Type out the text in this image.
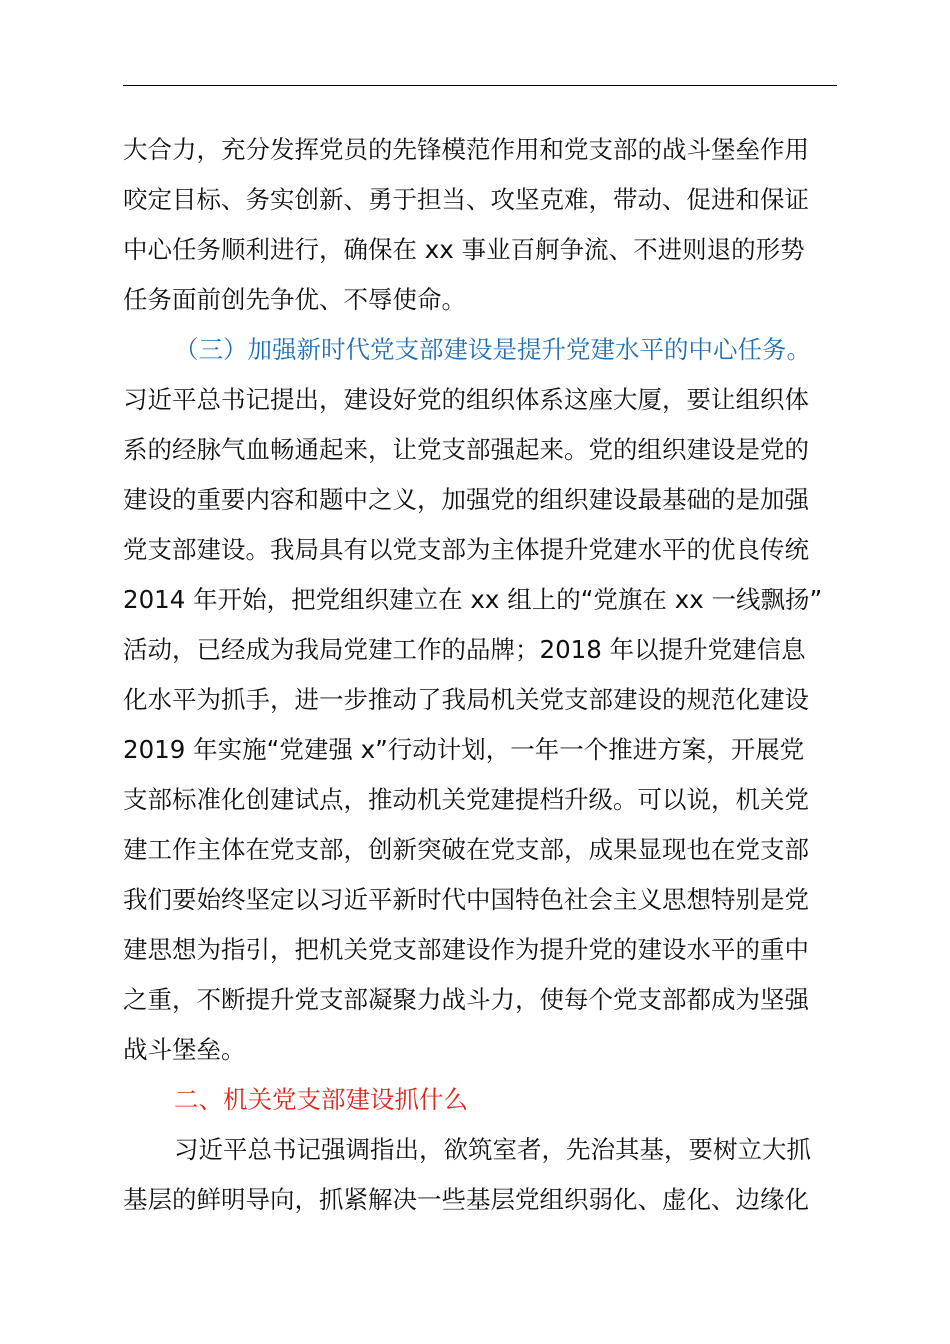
大合力，充分发挥党员的先锋模范作用和党支部的战斗堡垒作用
咬定目标、务实创新、勇于担当、攻坚克难，带动、促进和保证
中心任务顺利进行，确保在 xx 事业百舸争流、不进则退的形势
任务面前创先争优、不辱使命。
（三）加强新时代党支部建设是提升党建水平的中心任务。
习近平总书记提出，建设好党的组织体系这座大厦，要让组织体
系的经脉气血畅通起来，让党支部强起来。党的组织建设是党的
建设的重要内容和题中之义，加强党的组织建设最基础的是加强
党支部建设。我局具有以党支部为主体提升党建水平的优良传统
2014 年开始，把党组织建立在 xx 组上的“党旗在 xx 一线飘扬”
活动，已经成为我局党建工作的品牌；2018 年以提升党建信息
化水平为抓手，进一步推动了我局机关党支部建设的规范化建设
2019 年实施“党建强 x”行动计划，一年一个推进方案，开展党
支部标准化创建试点，推动机关党建提档升级。可以说，机关党
建工作主体在党支部，创新突破在党支部，成果显现也在党支部
我们要始终坚定以习近平新时代中国特色社会主义思想特别是党
建思想为指引，把机关党支部建设作为提升党的建设水平的重中
之重，不断提升党支部凝聚力战斗力，使每个党支部都成为坚强
战斗堡垒。
二、机关党支部建设抓什么
习近平总书记强调指出，欲筑室者，先治其基，要树立大抓
基层的鲜明导向，抓紧解决一些基层党组织弱化、虚化、边缘化
